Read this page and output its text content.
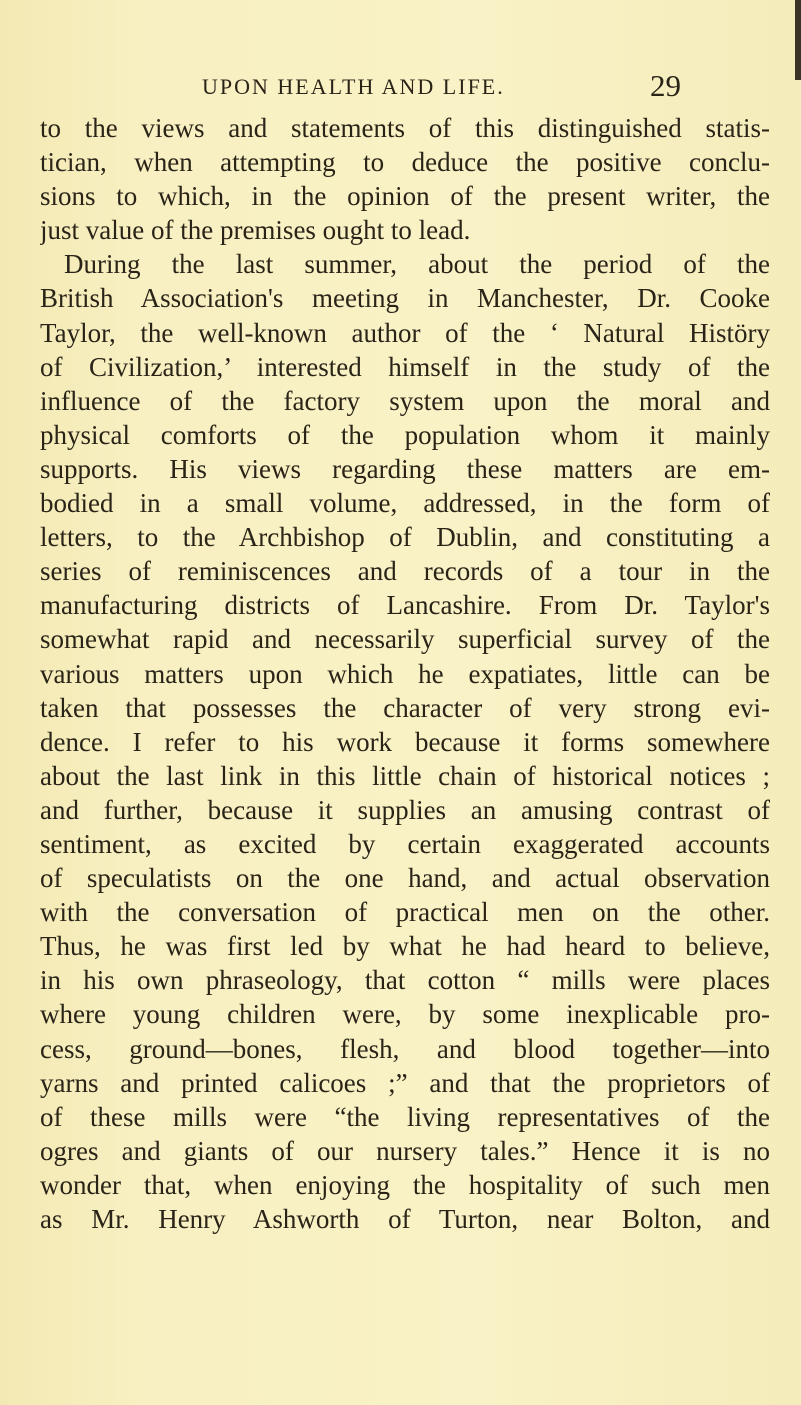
UPON HEALTH AND LIFE.	29
to the views and statements of this distinguished statis-
tician, when attempting to deduce the positive conclu-
sions to which, in the opinion of the present writer, the
just value of the premises ought to lead.
During the last summer, about the period of the
British Association's meeting in Manchester, Dr. Cooke
Taylor, the well-known author of the ‘ Natural Histöry
of Civilization,’ interested himself in the study of the
influence of the factory system upon the moral and
physical comforts of the population whom it mainly
supports. His views regarding these matters are em-
bodied in a small volume, addressed, in the form of
letters, to the Archbishop of Dublin, and constituting a
series of reminiscences and records of a tour in the
manufacturing districts of Lancashire. From Dr. Taylor's
somewhat rapid and necessarily superficial survey of the
various matters upon which he expatiates, little can be
taken that possesses the character of very strong evi-
dence. I refer to his work because it forms somewhere
about the last link in this little chain of historical notices ;
and further, because it supplies an amusing contrast of
sentiment, as excited by certain exaggerated accounts
of speculatists on the one hand, and actual observation
with the conversation of practical men on the other.
Thus, he was first led by what he had heard to believe,
in his own phraseology, that cotton “ mills were places
where young children were, by some inexplicable pro-
cess, ground—bones, flesh, and blood together—into
yarns and printed calicoes ;” and that the proprietors of
of these mills were “the living representatives of the
ogres and giants of our nursery tales.” Hence it is no
wonder that, when enjoying the hospitality of such men
as Mr. Henry Ashworth of Turton, near Bolton, and
